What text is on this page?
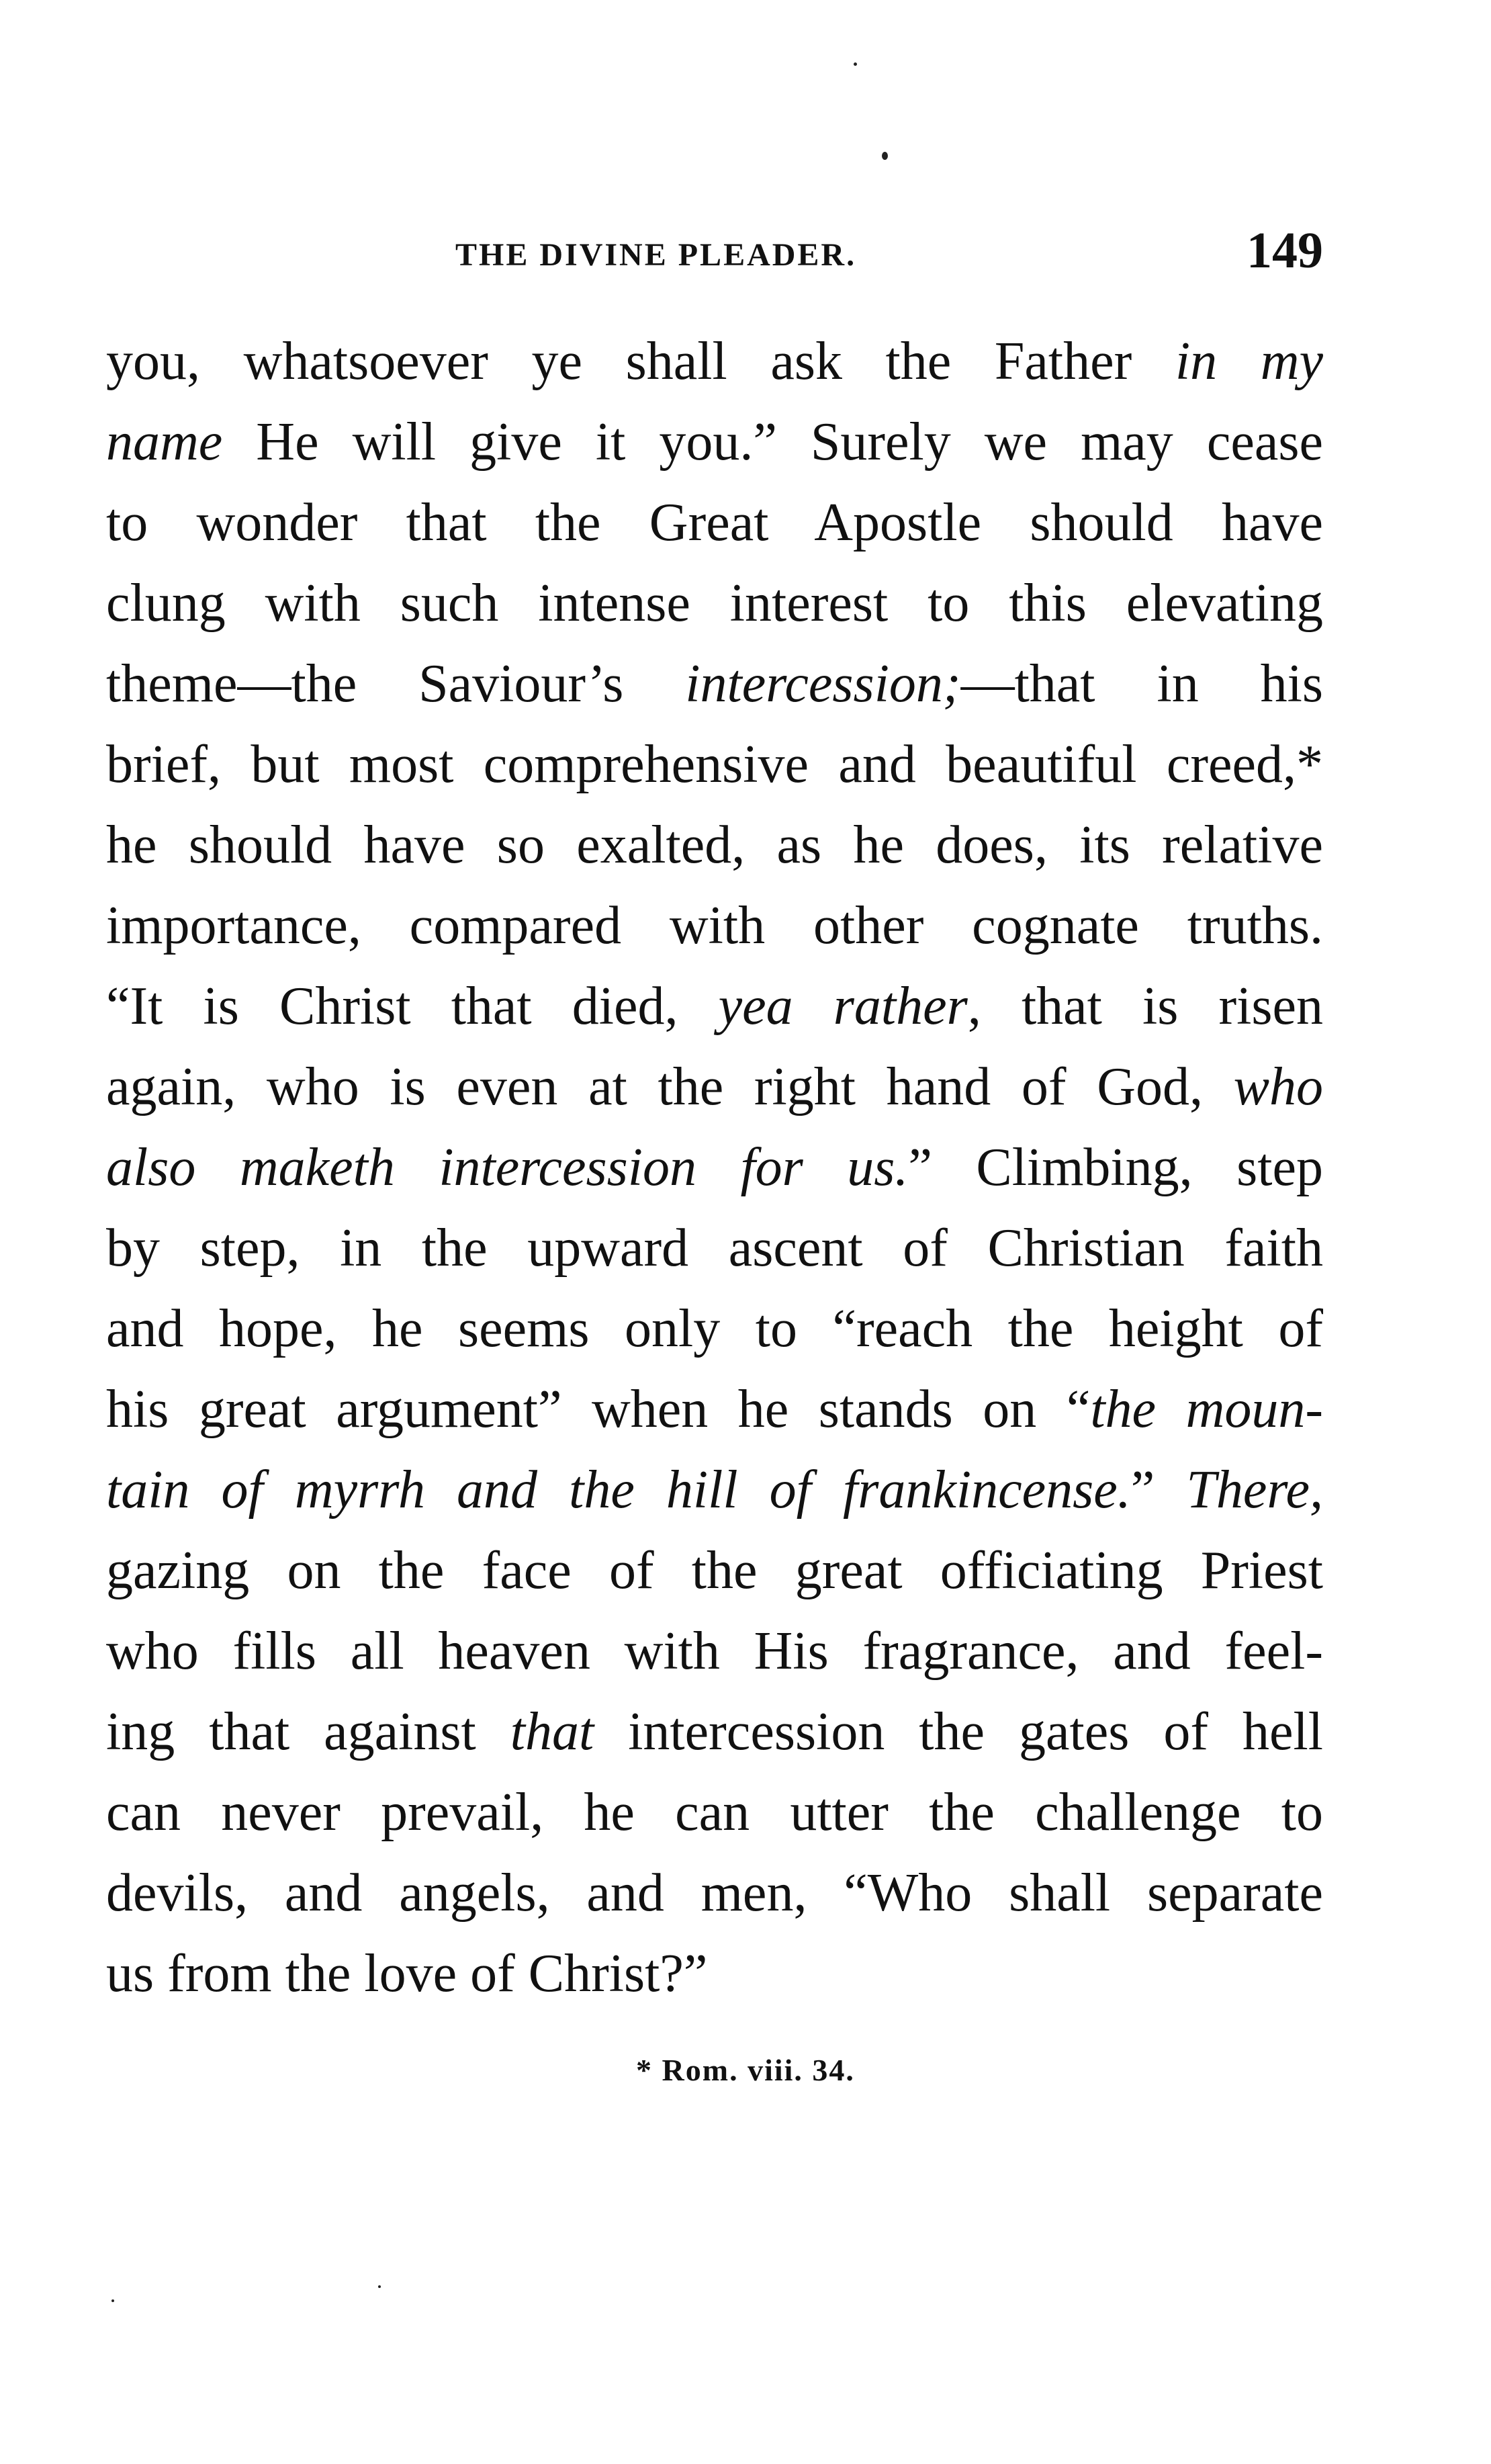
THE DIVINE PLEADER.	149
you, whatsoever ye shall ask the Father in my
name He will give it you.” Surely we may cease
to wonder that the Great Apostle should have
clung with such intense interest to this elevating
theme—the Saviour’s intercession;—that in his
brief, but most comprehensive and beautiful creed,*
he should have so exalted, as he does, its relative
importance, compared with other cognate truths.
“It is Christ that died, yea rather, that is risen
again, who is even at the right hand of God, who
also maketh intercession for us.” Climbing, step
by step, in the upward ascent of Christian faith
and hope, he seems only to “reach the height of
his great argument” when he stands on “the moun-
tain of myrrh and the hill of frankincense.” There,
gazing on the face of the great officiating Priest
who fills all heaven with His fragrance, and feel-
ing that against that intercession the gates of hell
can never prevail, he can utter the challenge to
devils, and angels, and men, “Who shall separate
us from the love of Christ?”
* Rom. viii. 34.
